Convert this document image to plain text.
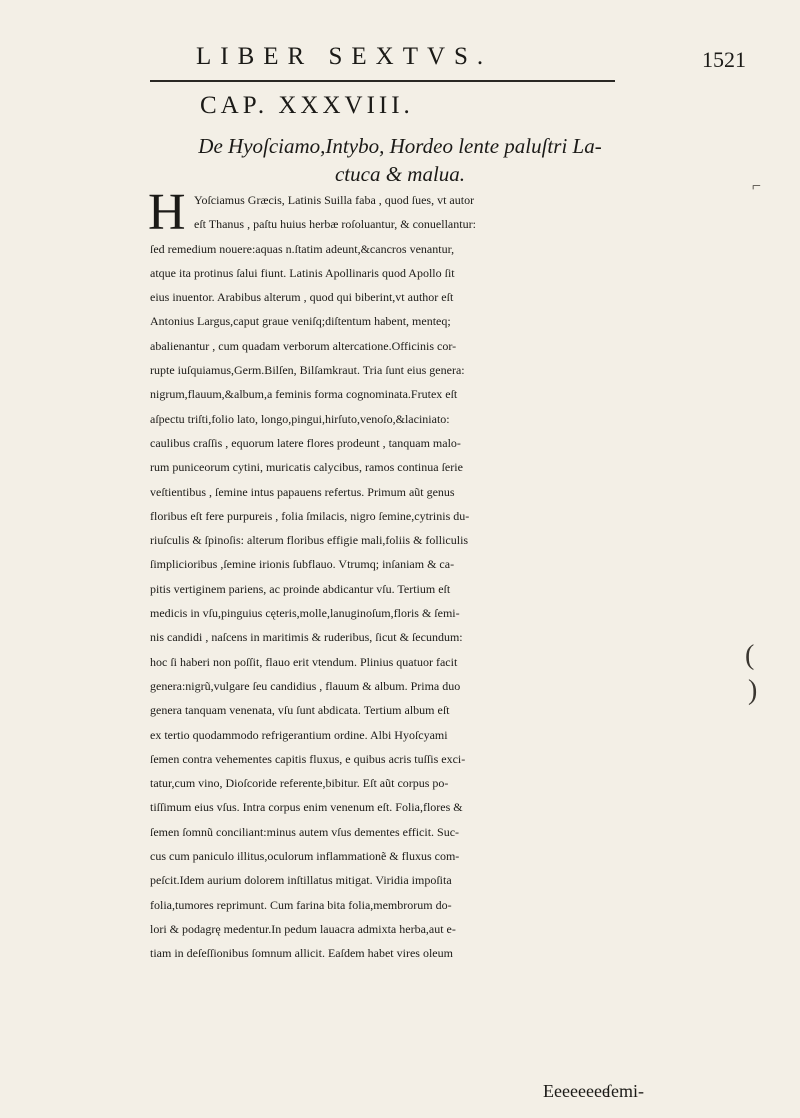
LIBER SEXTVS.	1521
CAP. XXXVIII.
De Hyoſciamo,Intybo, Hordeo lente paluſtri La-
ctuca & malua.
H Yoſciamus Græcis, Latinis Suilla faba , quod ſues, vt autor
eſt Thanus , paſtu huius herbæ roſoluantur, & conuellantur:
ſed remedium nouere:aquas n.ſtatim adeunt,&cancros venantur,
atque ita protinus ſalui fiunt. Latinis Apollinaris quod Apollo ſit
eius inuentor. Arabibus alterum , quod qui biberint,vt author eſt
Antonius Largus,caput graue veniſq;diſtentum habent, menteq;
abalienantur , cum quadam verborum altercatione.Officinis cor-
rupte iuſquiamus,Germ.Bilſen, Bilſamkraut. Tria ſunt eius genera:
nigrum,flauum,&album,a feminis forma cognominata.Frutex eſt
aſpectu triſti,folio lato, longo,pingui,hirſuto,venoſo,&laciniato:
caulibus craſſis , equorum latere flores prodeunt , tanquam malo-
rum puniceorum cytini, muricatis calycibus, ramos continua ſerie
veſtientibus , ſemine intus papauens refertus. Primum aũt genus
floribus eſt fere purpureis , folia ſmilacis, nigro ſemine,cytrinis du-
riuſculis & ſpinoſis: alterum floribus effigie mali,foliis & folliculis
ſimplicioribus ,ſemine irionis ſubflauo. Vtrumq; inſaniam & ca-
pitis vertiginem pariens, ac proinde abdicantur vſu. Tertium eſt
medicis in vſu,pinguius cęteris,molle,lanuginoſum,floris & ſemi-
nis candidi , naſcens in maritimis & ruderibus, ſicut & ſecundum:
hoc ſi haberi non poſſit, flauo erit vtendum. Plinius quatuor facit
genera:nigrũ,vulgare ſeu candidius , flauum & album. Prima duo
genera tanquam venenata, vſu ſunt abdicata. Tertium album eſt
ex tertio quodammodo refrigerantium ordine. Albi Hyoſcyami
ſemen contra vehementes capitis fluxus, e quibus acris tuſſis exci-
tatur,cum vino, Dioſcoride referente,bibitur. Eſt aũt corpus po-
tiſſimum eius vſus. Intra corpus enim venenum eſt. Folia,flores &
ſemen ſomnũ conciliant:minus autem vſus dementes efficit. Suc-
cus cum paniculo illitus,oculorum inflammationẽ & fluxus com-
peſcit.Idem aurium dolorem inſtillatus mitigat. Viridia impoſita
folia,tumores reprimunt. Cum farina bita folia,membrorum do-
lori & podagrę medentur.In pedum lauacra admixta herba,aut e-
tiam in deſeſſionibus ſomnum allicit. Eaſdem habet vires oleum
Eeeeeeee
ſemi-
⌐
(
)
